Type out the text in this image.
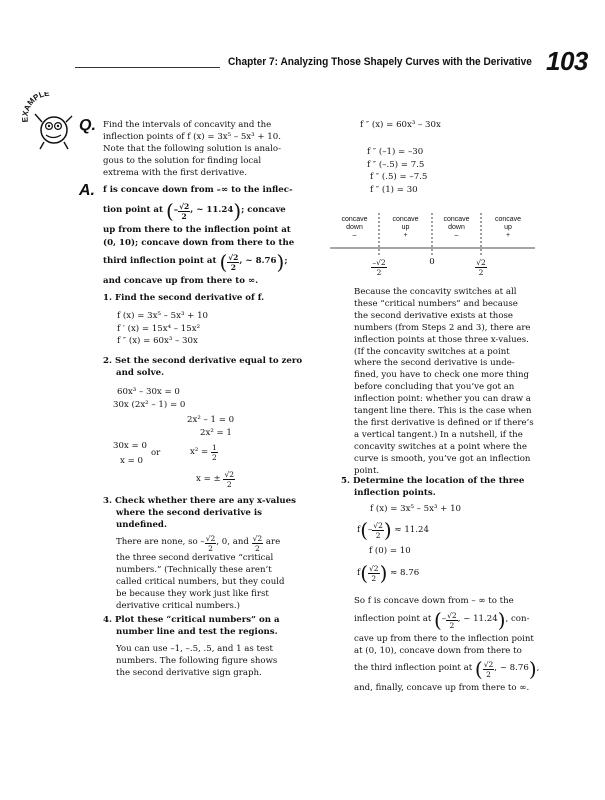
Chapter 7: Analyzing Those Shapely Curves with the Derivative 103
EXAMPLE
Q. Find the intervals of concavity and the
inflection points of f (x) = 3x⁵ – 5x³ + 10.
Note that the following solution is analo-
gous to the solution for finding local
extrema with the first derivative.
A. f is concave down from –∞ to the inflec-
tion point at
( – $\frac{√2}{2}$ , ~ 11.24 ) ; concave
up from there to the inflection point at
(0, 10); concave down from there to the
third inflection point at
( $\frac{√2}{2}$ , ~ 8.76 ) ;
and concave up from there to ∞.
1. Find the second derivative of f.
f (x) = 3x⁵ – 5x³ + 10
f ′ (x) = 15x⁴ – 15x²
f ″ (x) = 60x³ – 30x
2. Set the second derivative equal to zero
and solve.
60x³ – 30x = 0
30x (2x² – 1) = 0
2x² – 1 = 0
2x² = 1
30x = 0
or
x = 0
x² =
$\frac{1}{2}$
x = ±
$\frac{√2}{2}$
3. Check whether there are any x-values
where the second derivative is
undefined.
There are none, so – $\frac{√2}{2}$ , 0, and
$\frac{√2}{2}$
are
the three second derivative “critical
numbers.” (Technically these aren’t
called critical numbers, but they could
be because they work just like first
derivative critical numbers.)
4. Plot these “critical numbers” on a
number line and test the regions.
You can use –1, –.5, .5, and 1 as test
numbers. The following figure shows
the second derivative sign graph.
f ″ (x) = 60x³ – 30x
f ″ (–1) = –30
f ″ (–.5) = 7.5
f ″ (.5) = –7.5
f ″ (1) = 30
concave
down
–
concave
up
+
concave
down
–
concave
up
+
$\frac{-√2}{2}$	0	$\frac{√2}{2}$
Because the concavity switches at all
these “critical numbers” and because
the second derivative exists at those
numbers (from Steps 2 and 3), there are
inflection points at those three x-values.
(If the concavity switches at a point
where the second derivative is unde-
fined, you have to check one more thing
before concluding that you’ve got an
inflection point: whether you can draw a
tangent line there. This is the case when
the first derivative is defined or if there’s
a vertical tangent.) In a nutshell, if the
concavity switches at a point where the
curve is smooth, you’ve got an inflection
point.
5. Determine the location of the three
inflection points.
f (x) = 3x⁵ – 5x³ + 10
f ( – $\frac{√2}{2}$ )
≈ 11.24
f (0) = 10
f ( $\frac{√2}{2}$ )
≈ 8.76
So f is concave down from – ∞ to the
inflection point at
( – $\frac{√2}{2}$ , ~ 11.24 ) , con-
cave up from there to the inflection point
at (0, 10), concave down from there to
the third inflection point at
( $\frac{√2}{2}$ , ~ 8.76 ) ,
and, finally, concave up from there to ∞.
